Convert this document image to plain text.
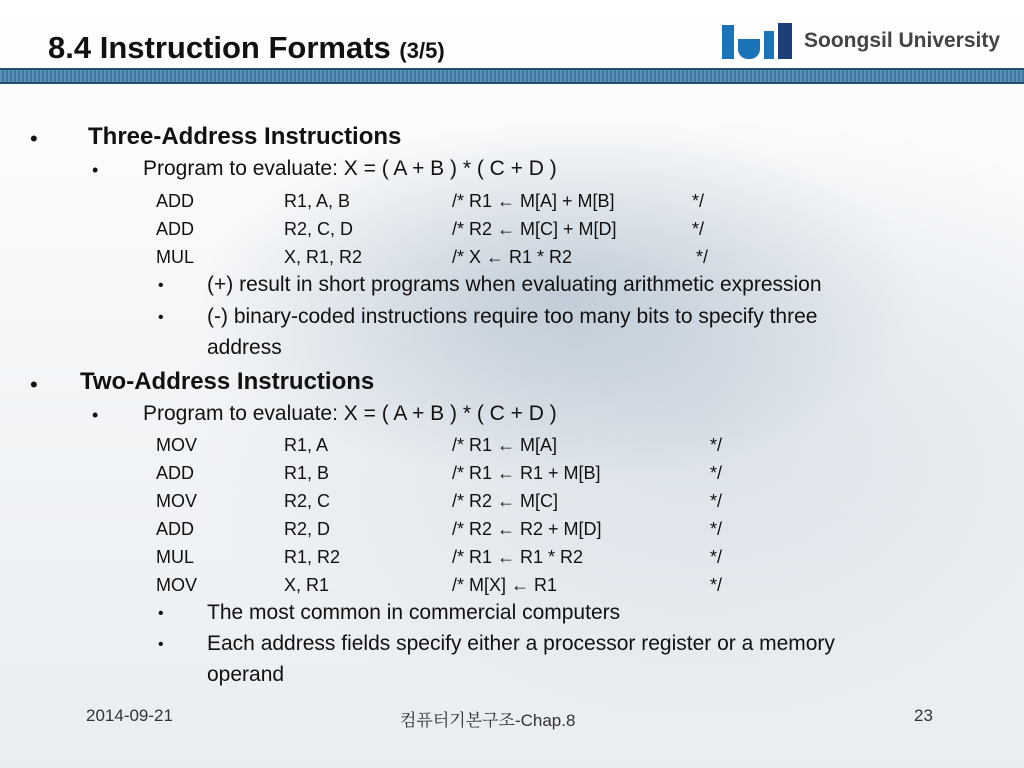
8.4 Instruction Formats (3/5)	Soongsil University
• Three-Address Instructions
• Program to evaluate: X = ( A + B ) * ( C + D )
ADD	R1, A, B	/* R1 ← M[A] + M[B]	*/
ADD	R2, C, D	/* R2 ← M[C] + M[D]	*/
MUL	X, R1, R2	/* X ← R1 * R2	*/
• (+) result in short programs when evaluating arithmetic expression
• (-) binary-coded instructions require too many bits to specify three
address
• Two-Address Instructions
• Program to evaluate: X = ( A + B ) * ( C + D )
MOV	R1, A	/* R1 ← M[A]	*/
ADD	R1, B	/* R1 ← R1 + M[B]	*/
MOV	R2, C	/* R2 ← M[C]	*/
ADD	R2, D	/* R2 ← R2 + M[D]	*/
MUL	R1, R2	/* R1 ← R1 * R2	*/
MOV	X, R1	/* M[X] ← R1	*/
• The most common in commercial computers
• Each address fields specify either a processor register or a memory
operand
2014-09-21	컴퓨터기본구조-Chap.8	23
